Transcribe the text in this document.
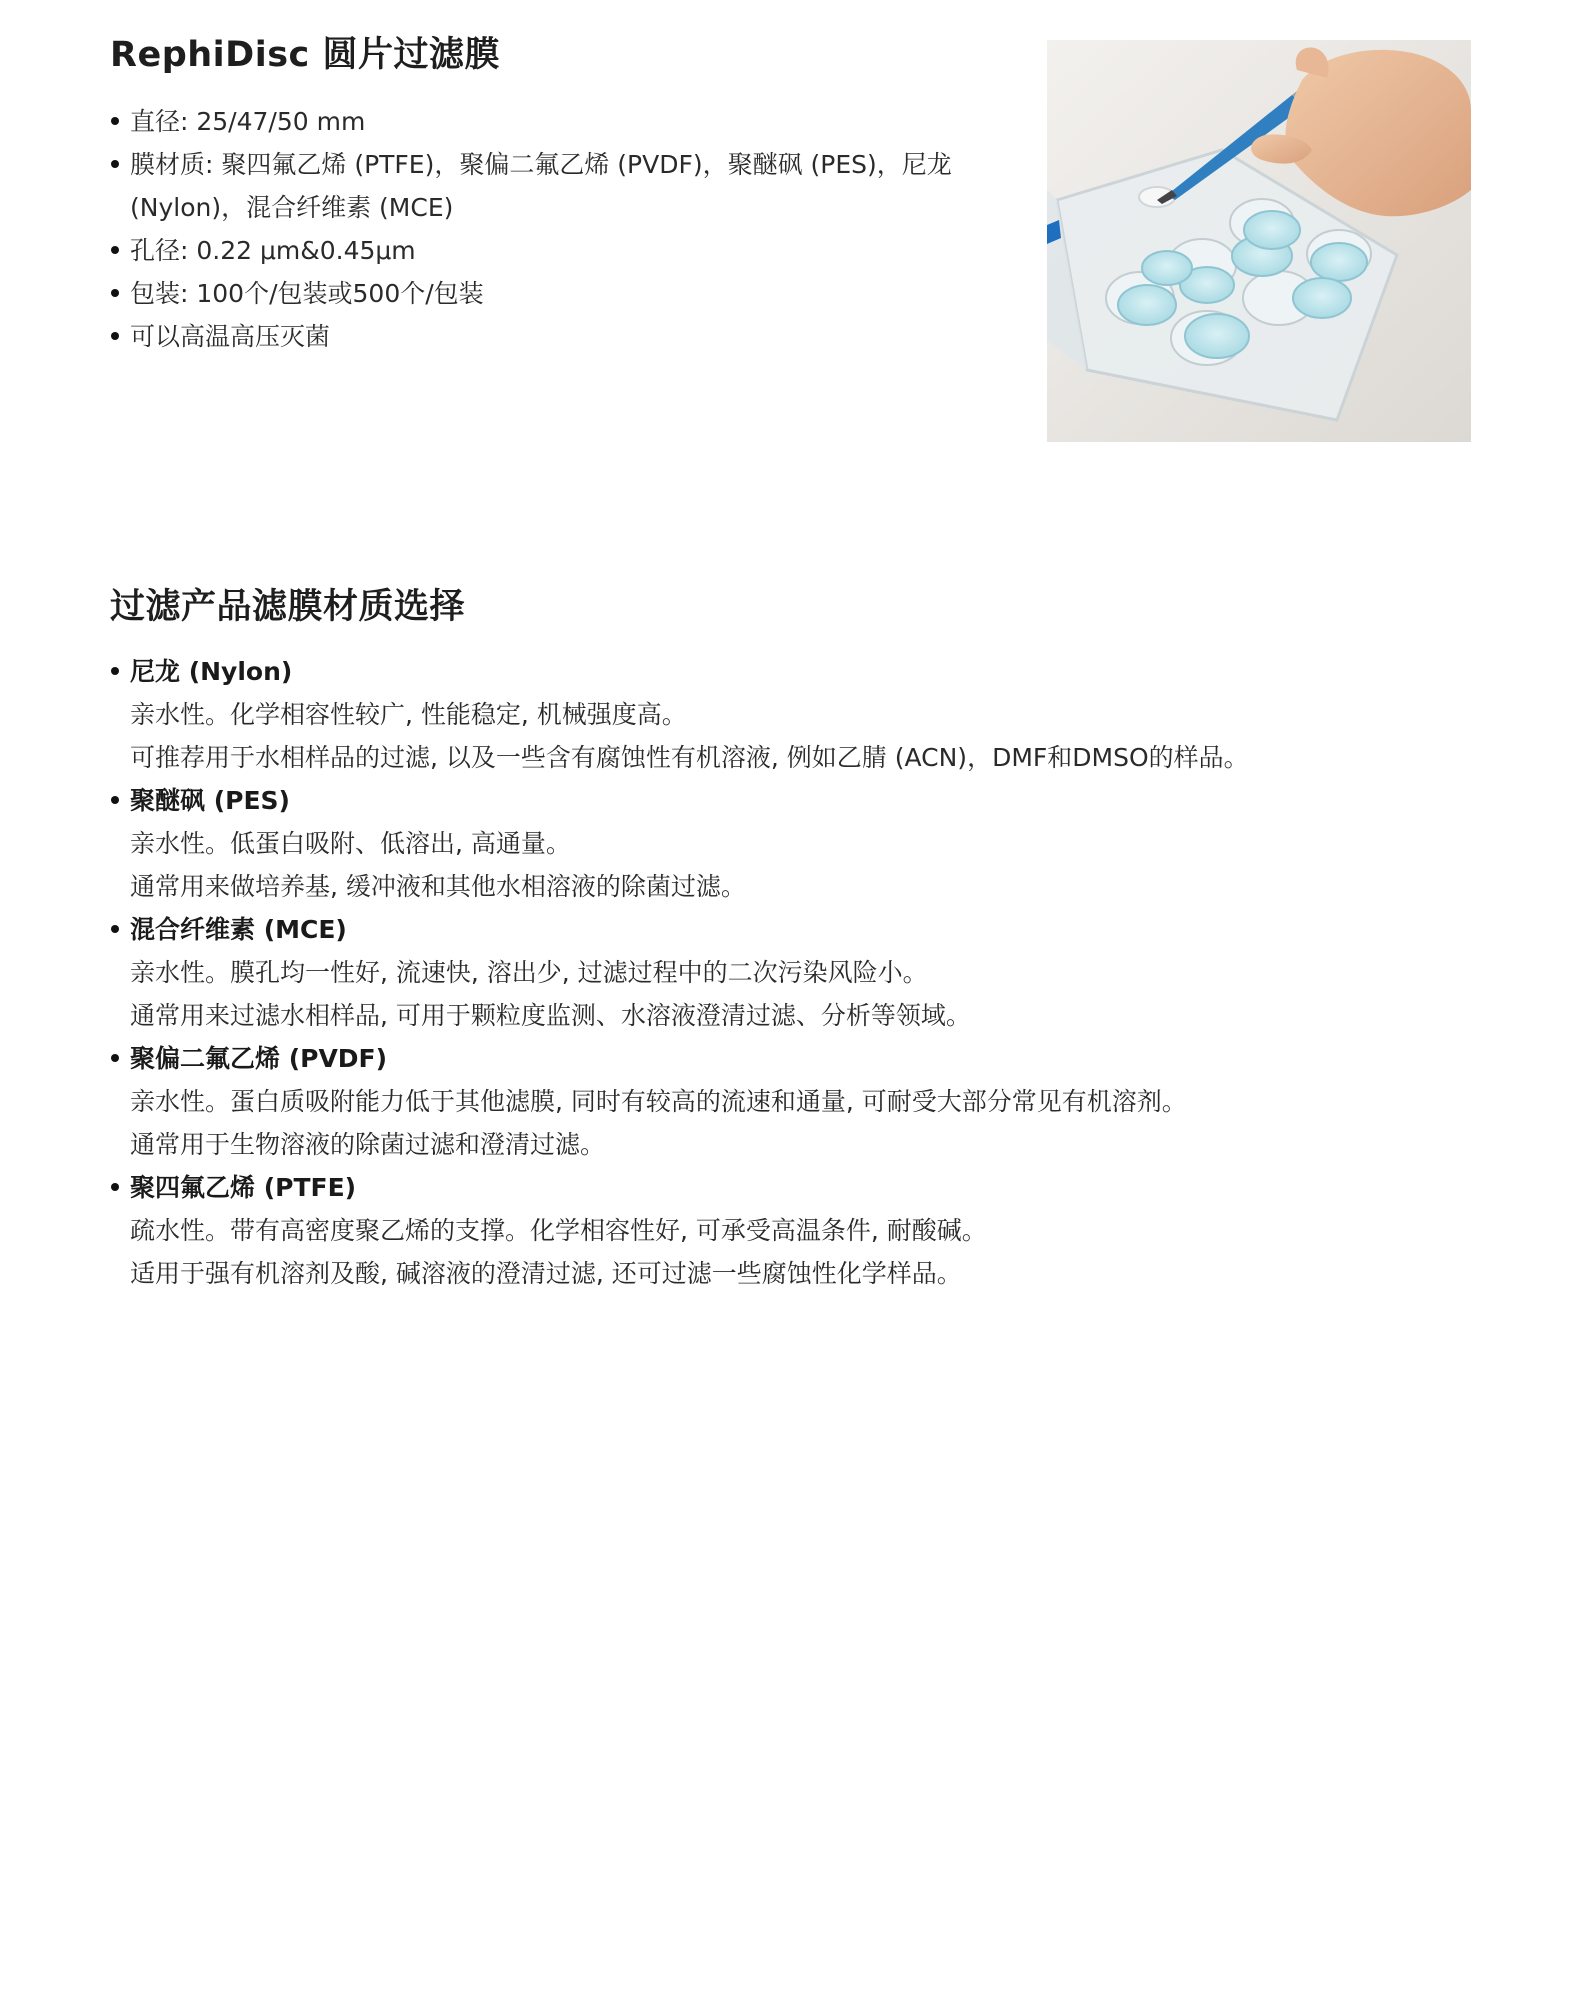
RephiDisc 圆片过滤膜
直径: 25/47/50 mm
膜材质: 聚四氟乙烯 (PTFE)，聚偏二氟乙烯 (PVDF)，聚醚砜 (PES)，尼龙 (Nylon)，混合纤维素 (MCE)
孔径: 0.22 μm&0.45μm
包装: 100个/包装或500个/包装
可以高温高压灭菌
过滤产品滤膜材质选择
尼龙 (Nylon)
亲水性。化学相容性较广, 性能稳定, 机械强度高。
可推荐用于水相样品的过滤, 以及一些含有腐蚀性有机溶液, 例如乙腈 (ACN)，DMF和DMSO的样品。
聚醚砜 (PES)
亲水性。低蛋白吸附、低溶出, 高通量。
通常用来做培养基, 缓冲液和其他水相溶液的除菌过滤。
混合纤维素 (MCE)
亲水性。膜孔均一性好, 流速快, 溶出少, 过滤过程中的二次污染风险小。
通常用来过滤水相样品, 可用于颗粒度监测、水溶液澄清过滤、分析等领域。
聚偏二氟乙烯 (PVDF)
亲水性。蛋白质吸附能力低于其他滤膜, 同时有较高的流速和通量, 可耐受大部分常见有机溶剂。
通常用于生物溶液的除菌过滤和澄清过滤。
聚四氟乙烯 (PTFE)
疏水性。带有高密度聚乙烯的支撑。化学相容性好, 可承受高温条件, 耐酸碱。
适用于强有机溶剂及酸, 碱溶液的澄清过滤, 还可过滤一些腐蚀性化学样品。
